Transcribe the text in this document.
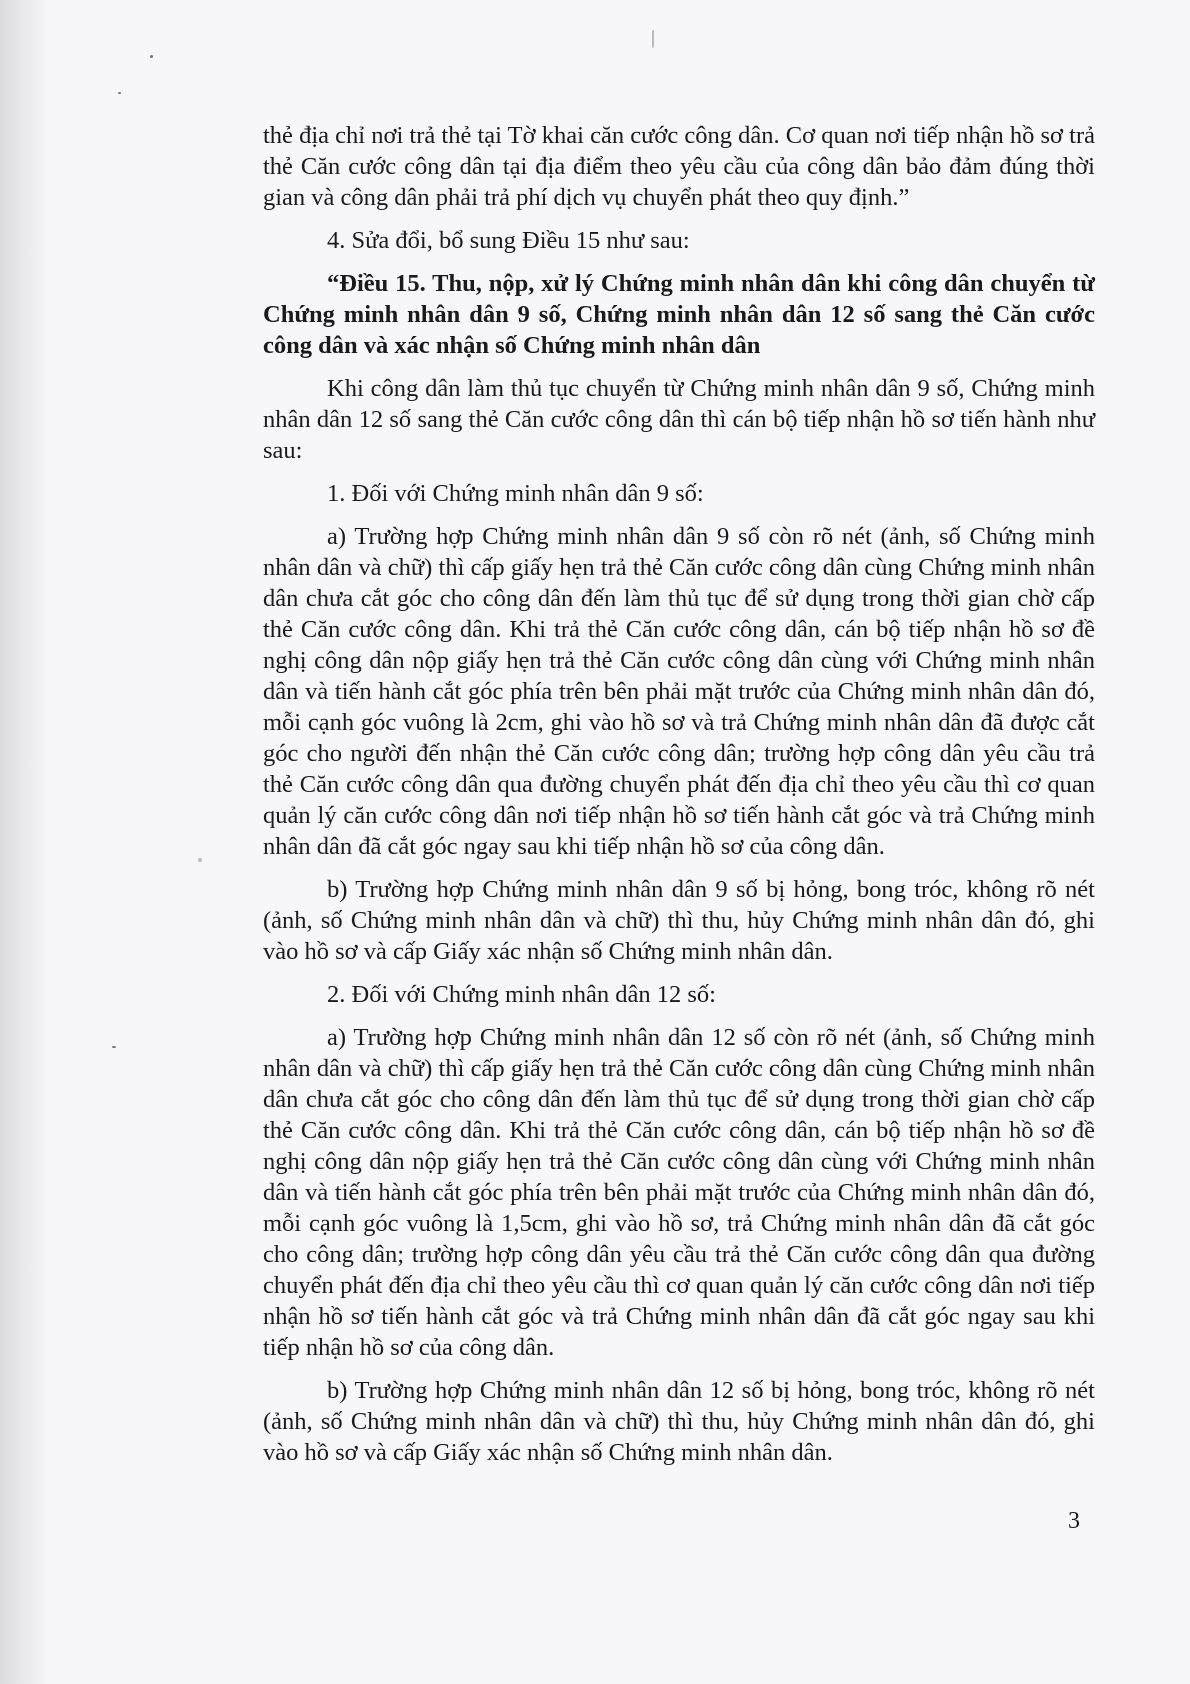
thẻ địa chỉ nơi trả thẻ tại Tờ khai căn cước công dân. Cơ quan nơi tiếp nhận hồ sơ trả thẻ Căn cước công dân tại địa điểm theo yêu cầu của công dân bảo đảm đúng thời gian và công dân phải trả phí dịch vụ chuyển phát theo quy định.”

4. Sửa đổi, bổ sung Điều 15 như sau:

“Điều 15. Thu, nộp, xử lý Chứng minh nhân dân khi công dân chuyển từ Chứng minh nhân dân 9 số, Chứng minh nhân dân 12 số sang thẻ Căn cước công dân và xác nhận số Chứng minh nhân dân

Khi công dân làm thủ tục chuyển từ Chứng minh nhân dân 9 số, Chứng minh nhân dân 12 số sang thẻ Căn cước công dân thì cán bộ tiếp nhận hồ sơ tiến hành như sau:

1. Đối với Chứng minh nhân dân 9 số:

a) Trường hợp Chứng minh nhân dân 9 số còn rõ nét (ảnh, số Chứng minh nhân dân và chữ) thì cấp giấy hẹn trả thẻ Căn cước công dân cùng Chứng minh nhân dân chưa cắt góc cho công dân đến làm thủ tục để sử dụng trong thời gian chờ cấp thẻ Căn cước công dân. Khi trả thẻ Căn cước công dân, cán bộ tiếp nhận hồ sơ đề nghị công dân nộp giấy hẹn trả thẻ Căn cước công dân cùng với Chứng minh nhân dân và tiến hành cắt góc phía trên bên phải mặt trước của Chứng minh nhân dân đó, mỗi cạnh góc vuông là 2cm, ghi vào hồ sơ và trả Chứng minh nhân dân đã được cắt góc cho người đến nhận thẻ Căn cước công dân; trường hợp công dân yêu cầu trả thẻ Căn cước công dân qua đường chuyển phát đến địa chỉ theo yêu cầu thì cơ quan quản lý căn cước công dân nơi tiếp nhận hồ sơ tiến hành cắt góc và trả Chứng minh nhân dân đã cắt góc ngay sau khi tiếp nhận hồ sơ của công dân.

b) Trường hợp Chứng minh nhân dân 9 số bị hỏng, bong tróc, không rõ nét (ảnh, số Chứng minh nhân dân và chữ) thì thu, hủy Chứng minh nhân dân đó, ghi vào hồ sơ và cấp Giấy xác nhận số Chứng minh nhân dân.

2. Đối với Chứng minh nhân dân 12 số:

a) Trường hợp Chứng minh nhân dân 12 số còn rõ nét (ảnh, số Chứng minh nhân dân và chữ) thì cấp giấy hẹn trả thẻ Căn cước công dân cùng Chứng minh nhân dân chưa cắt góc cho công dân đến làm thủ tục để sử dụng trong thời gian chờ cấp thẻ Căn cước công dân. Khi trả thẻ Căn cước công dân, cán bộ tiếp nhận hồ sơ đề nghị công dân nộp giấy hẹn trả thẻ Căn cước công dân cùng với Chứng minh nhân dân và tiến hành cắt góc phía trên bên phải mặt trước của Chứng minh nhân dân đó, mỗi cạnh góc vuông là 1,5cm, ghi vào hồ sơ, trả Chứng minh nhân dân đã cắt góc cho công dân; trường hợp công dân yêu cầu trả thẻ Căn cước công dân qua đường chuyển phát đến địa chỉ theo yêu cầu thì cơ quan quản lý căn cước công dân nơi tiếp nhận hồ sơ tiến hành cắt góc và trả Chứng minh nhân dân đã cắt góc ngay sau khi tiếp nhận hồ sơ của công dân.

b) Trường hợp Chứng minh nhân dân 12 số bị hỏng, bong tróc, không rõ nét (ảnh, số Chứng minh nhân dân và chữ) thì thu, hủy Chứng minh nhân dân đó, ghi vào hồ sơ và cấp Giấy xác nhận số Chứng minh nhân dân.

3
